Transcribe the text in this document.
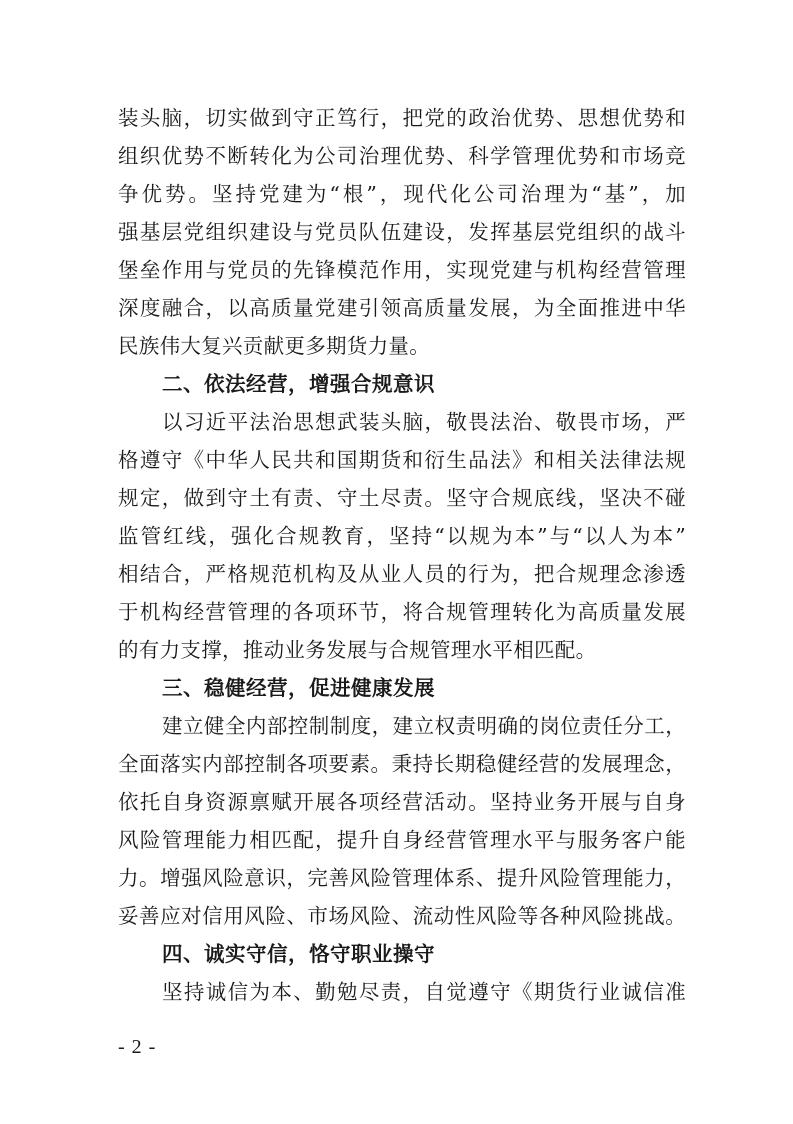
装头脑，切实做到守正笃行，把党的政治优势、思想优势和
组织优势不断转化为公司治理优势、科学管理优势和市场竞
争优势。坚持党建为“根”，现代化公司治理为“基”，加
强基层党组织建设与党员队伍建设，发挥基层党组织的战斗
堡垒作用与党员的先锋模范作用，实现党建与机构经营管理
深度融合，以高质量党建引领高质量发展，为全面推进中华
民族伟大复兴贡献更多期货力量。
二、依法经营，增强合规意识
以习近平法治思想武装头脑，敬畏法治、敬畏市场，严
格遵守《中华人民共和国期货和衍生品法》和相关法律法规
规定，做到守土有责、守土尽责。坚守合规底线，坚决不碰
监管红线，强化合规教育，坚持“以规为本”与“以人为本”
相结合，严格规范机构及从业人员的行为，把合规理念渗透
于机构经营管理的各项环节，将合规管理转化为高质量发展
的有力支撑，推动业务发展与合规管理水平相匹配。
三、稳健经营，促进健康发展
建立健全内部控制制度，建立权责明确的岗位责任分工，
全面落实内部控制各项要素。秉持长期稳健经营的发展理念，
依托自身资源禀赋开展各项经营活动。坚持业务开展与自身
风险管理能力相匹配，提升自身经营管理水平与服务客户能
力。增强风险意识，完善风险管理体系、提升风险管理能力，
妥善应对信用风险、市场风险、流动性风险等各种风险挑战。
四、诚实守信，恪守职业操守
坚持诚信为本、勤勉尽责，自觉遵守《期货行业诚信准
- 2 -
